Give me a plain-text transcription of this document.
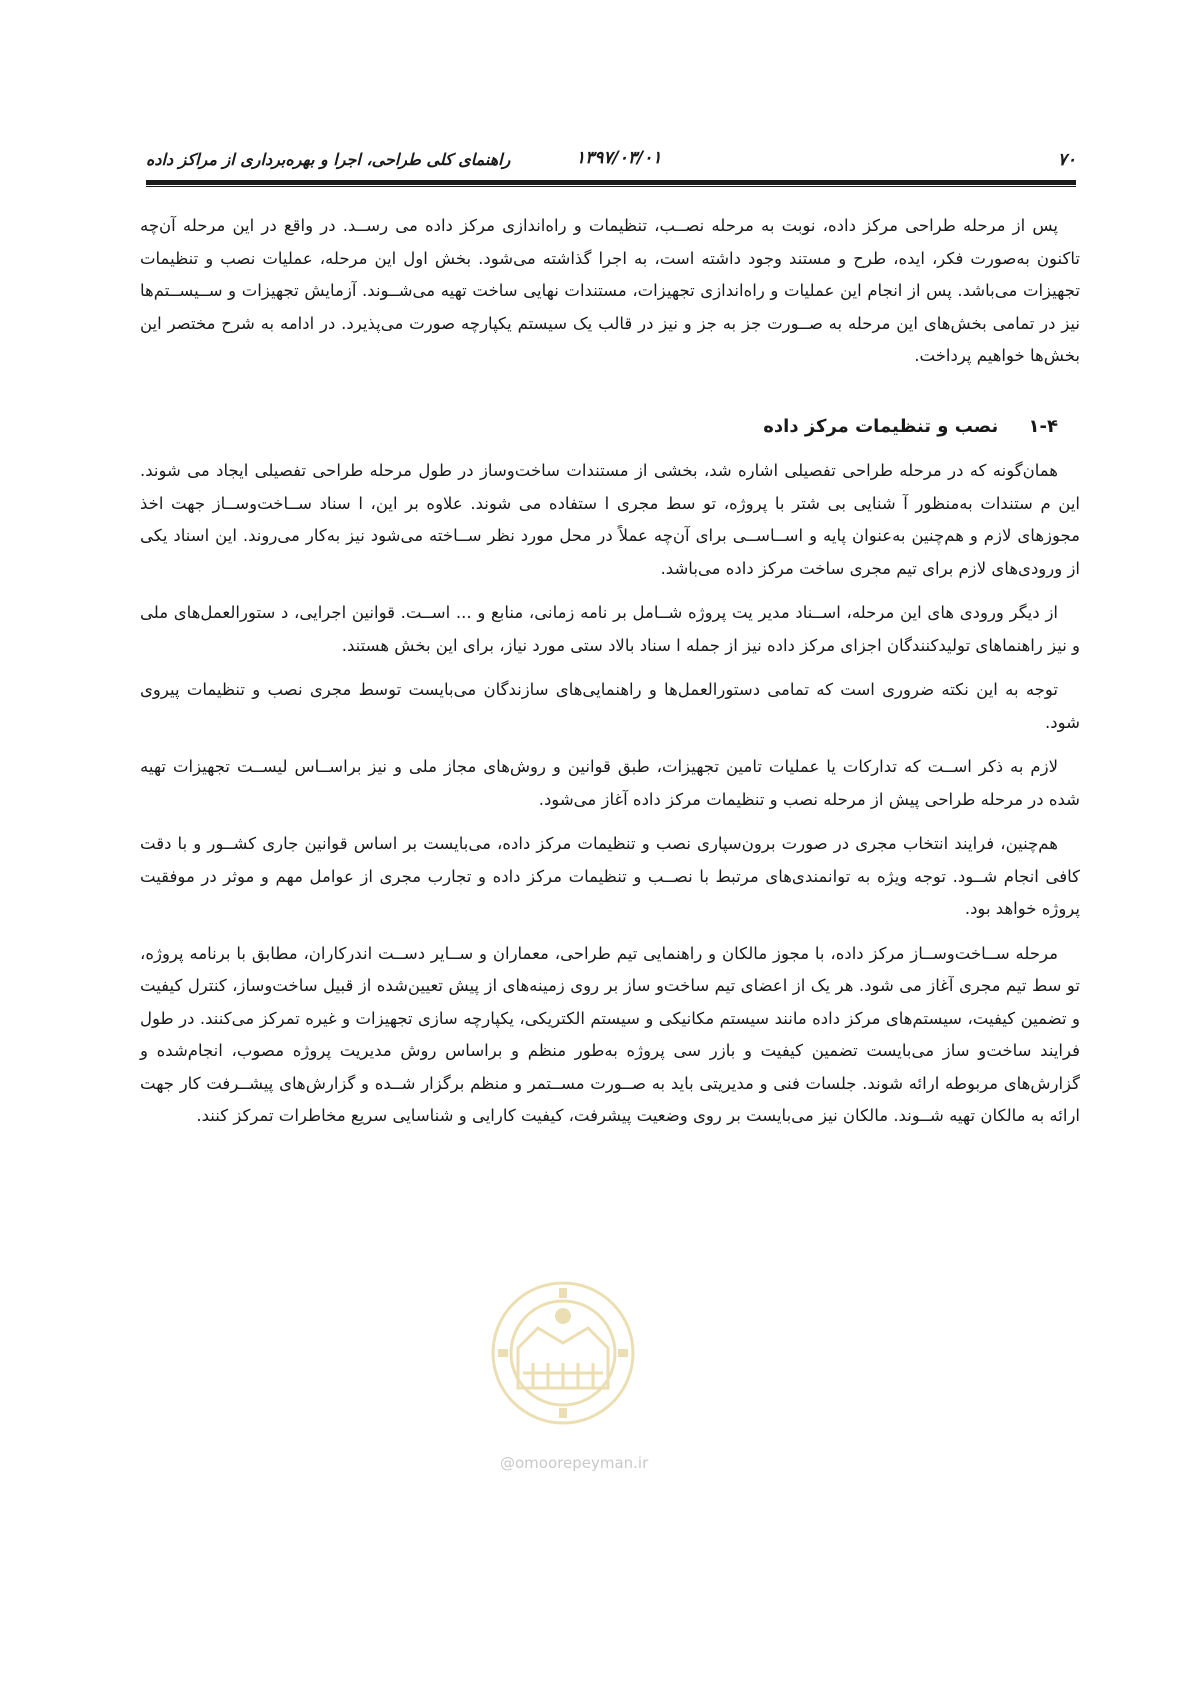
۷۰
۱۳۹۷/۰۳/۰۱
راهنمای کلی طراحی، اجرا و بهره‌برداری از مراکز داده

پس از مرحله طراحی مرکز داده، نوبت به مرحله نصــب، تنظیمات و راه‌اندازی مرکز داده می رســد. در واقع در این مرحله آن‌چه تاکنون به‌صورت فکر، ایده، طرح و مستند وجود داشته است، به اجرا گذاشته می‌شود. بخش اول این مرحله، عملیات نصب و تنظیمات تجهیزات می‌باشد. پس از انجام این عملیات و راه‌اندازی تجهیزات، مستندات نهایی ساخت تهیه می‌شــوند. آزمایش تجهیزات و ســیســتم‌ها نیز در تمامی بخش‌های این مرحله به صــورت جز به جز و نیز در قالب یک سیستم یکپارچه صورت می‌پذیرد. در ادامه به شرح مختصر این بخش‌ها خواهیم پرداخت.

۱-۴ نصب و تنظیمات مرکز داده

همان‌گونه که در مرحله طراحی تفصیلی اشاره شد، بخشی از مستندات ساخت‌وساز در طول مرحله طراحی تفصیلی ایجاد می شوند. این م ستندات به‌منظور آ شنایی بی شتر با پروژه، تو سط مجری ا ستفاده می شوند. علاوه بر این، ا سناد ســاخت‌وســاز جهت اخذ مجوزهای لازم و هم‌چنین به‌عنوان پایه و اســاســی برای آن‌چه عملاً در محل مورد نظر ســاخته می‌شود نیز به‌کار می‌روند. این اسناد یکی از ورودی‌های لازم برای تیم مجری ساخت مرکز داده می‌باشد.

از دیگر ورودی های این مرحله، اســناد مدیر یت پروژه شــامل بر نامه زمانی، منابع و ... اســت. قوانین اجرایی، د ستورالعمل‌های ملی و نیز راهنماهای تولیدکنندگان اجزای مرکز داده نیز از جمله ا سناد بالاد ستی مورد نیاز، برای این بخش هستند.

توجه به این نکته ضروری است که تمامی دستورالعمل‌ها و راهنمایی‌های سازندگان می‌بایست توسط مجری نصب و تنظیمات پیروی شود.

لازم به ذکر اســت که تدارکات یا عملیات تامین تجهیزات، طبق قوانین و روش‌های مجاز ملی و نیز براســاس لیســت تجهیزات تهیه شده در مرحله طراحی پیش از مرحله نصب و تنظیمات مرکز داده آغاز می‌شود.

هم‌چنین، فرایند انتخاب مجری در صورت برون‌سپاری نصب و تنظیمات مرکز داده، می‌بایست بر اساس قوانین جاری کشــور و با دقت کافی انجام شــود. توجه ویژه به توانمندی‌های مرتبط با نصــب و تنظیمات مرکز داده و تجارب مجری از عوامل مهم و موثر در موفقیت پروژه خواهد بود.

مرحله ســاخت‌وســاز مرکز داده، با مجوز مالکان و راهنمایی تیم طراحی، معماران و ســایر دســت اندرکاران، مطابق با برنامه پروژه، تو سط تیم مجری آغاز می شود. هر یک از اعضای تیم ساخت‌و ساز بر روی زمینه‌های از پیش تعیین‌شده از قبیل ساخت‌وساز، کنترل کیفیت و تضمین کیفیت، سیستم‌های مرکز داده مانند سیستم مکانیکی و سیستم الکتریکی، یکپارچه سازی تجهیزات و غیره تمرکز می‌کنند. در طول فرایند ساخت‌و ساز می‌بایست تضمین کیفیت و بازر سی پروژه به‌طور منظم و براساس روش مدیریت پروژه مصوب، انجام‌شده و گزارش‌های مربوطه ارائه شوند. جلسات فنی و مدیریتی باید به صــورت مســتمر و منظم برگزار شــده و گزارش‌های پیشــرفت کار جهت ارائه به مالکان تهیه شــوند. مالکان نیز می‌بایست بر روی وضعیت پیشرفت، کیفیت کارایی و شناسایی سریع مخاطرات تمرکز کنند.

@omoorepeyman.ir
